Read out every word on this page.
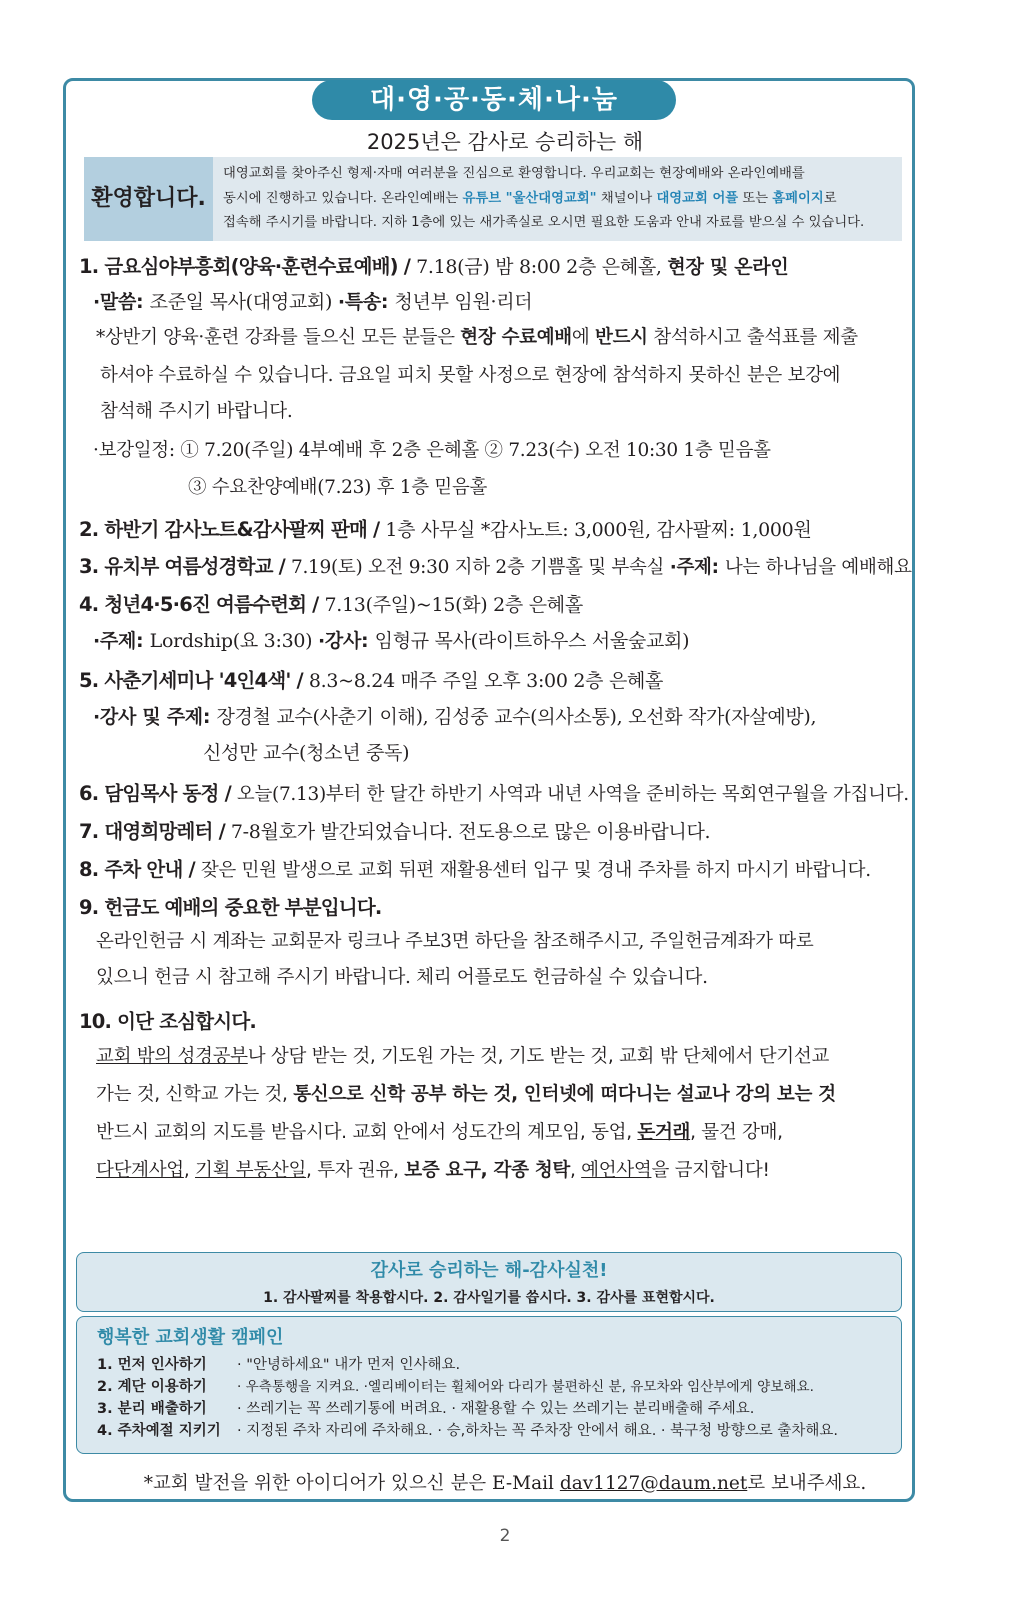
대·영·공·동·체·나·눔
2025년은 감사로 승리하는 해
환영합니다.
대영교회를 찾아주신 형제·자매 여러분을 진심으로 환영합니다. 우리교회는 현장예배와 온라인예배를
동시에 진행하고 있습니다. 온라인예배는 유튜브 "울산대영교회" 채널이나 대영교회 어플 또는 홈페이지로
접속해 주시기를 바랍니다. 지하 1층에 있는 새가족실로 오시면 필요한 도움과 안내 자료를 받으실 수 있습니다.
1. 금요심야부흥회(양육·훈련수료예배) / 7.18(금) 밤 8:00 2층 은혜홀, 현장 및 온라인
·말씀: 조준일 목사(대영교회) ·특송: 청년부 임원·리더
*상반기 양육·훈련 강좌를 들으신 모든 분들은 현장 수료예배에 반드시 참석하시고 출석표를 제출
하셔야 수료하실 수 있습니다. 금요일 피치 못할 사정으로 현장에 참석하지 못하신 분은 보강에
참석해 주시기 바랍니다.
·보강일정: ① 7.20(주일) 4부예배 후 2층 은혜홀 ② 7.23(수) 오전 10:30 1층 믿음홀
③ 수요찬양예배(7.23) 후 1층 믿음홀
2. 하반기 감사노트&감사팔찌 판매 / 1층 사무실 *감사노트: 3,000원, 감사팔찌: 1,000원
3. 유치부 여름성경학교 / 7.19(토) 오전 9:30 지하 2층 기쁨홀 및 부속실 ·주제: 나는 하나님을 예배해요
4. 청년4·5·6진 여름수련회 / 7.13(주일)~15(화) 2층 은혜홀
·주제: Lordship(요 3:30) ·강사: 임형규 목사(라이트하우스 서울숲교회)
5. 사춘기세미나 '4인4색' / 8.3~8.24 매주 주일 오후 3:00 2층 은혜홀
·강사 및 주제: 장경철 교수(사춘기 이해), 김성중 교수(의사소통), 오선화 작가(자살예방),
신성만 교수(청소년 중독)
6. 담임목사 동정 / 오늘(7.13)부터 한 달간 하반기 사역과 내년 사역을 준비하는 목회연구월을 가집니다.
7. 대영희망레터 / 7-8월호가 발간되었습니다. 전도용으로 많은 이용바랍니다.
8. 주차 안내 / 잦은 민원 발생으로 교회 뒤편 재활용센터 입구 및 경내 주차를 하지 마시기 바랍니다.
9. 헌금도 예배의 중요한 부분입니다.
온라인헌금 시 계좌는 교회문자 링크나 주보3면 하단을 참조해주시고, 주일헌금계좌가 따로
있으니 헌금 시 참고해 주시기 바랍니다. 체리 어플로도 헌금하실 수 있습니다.
10. 이단 조심합시다.
교회 밖의 성경공부나 상담 받는 것, 기도원 가는 것, 기도 받는 것, 교회 밖 단체에서 단기선교
가는 것, 신학교 가는 것, 통신으로 신학 공부 하는 것, 인터넷에 떠다니는 설교나 강의 보는 것
반드시 교회의 지도를 받읍시다. 교회 안에서 성도간의 계모임, 동업, 돈거래, 물건 강매,
다단계사업, 기획 부동산일, 투자 권유, 보증 요구, 각종 청탁, 예언사역을 금지합니다!
감사로 승리하는 해-감사실천!
1. 감사팔찌를 착용합시다. 2. 감사일기를 씁시다. 3. 감사를 표현합시다.
행복한 교회생활 캠페인
1. 먼저 인사하기 · "안녕하세요" 내가 먼저 인사해요.
2. 계단 이용하기 · 우측통행을 지켜요. ·엘리베이터는 휠체어와 다리가 불편하신 분, 유모차와 임산부에게 양보해요.
3. 분리 배출하기 · 쓰레기는 꼭 쓰레기통에 버려요. · 재활용할 수 있는 쓰레기는 분리배출해 주세요.
4. 주차예절 지키기 · 지정된 주차 자리에 주차해요. · 승,하차는 꼭 주차장 안에서 해요. · 북구청 방향으로 출차해요.
*교회 발전을 위한 아이디어가 있으신 분은 E-Mail dav1127@daum.net로 보내주세요.
2
